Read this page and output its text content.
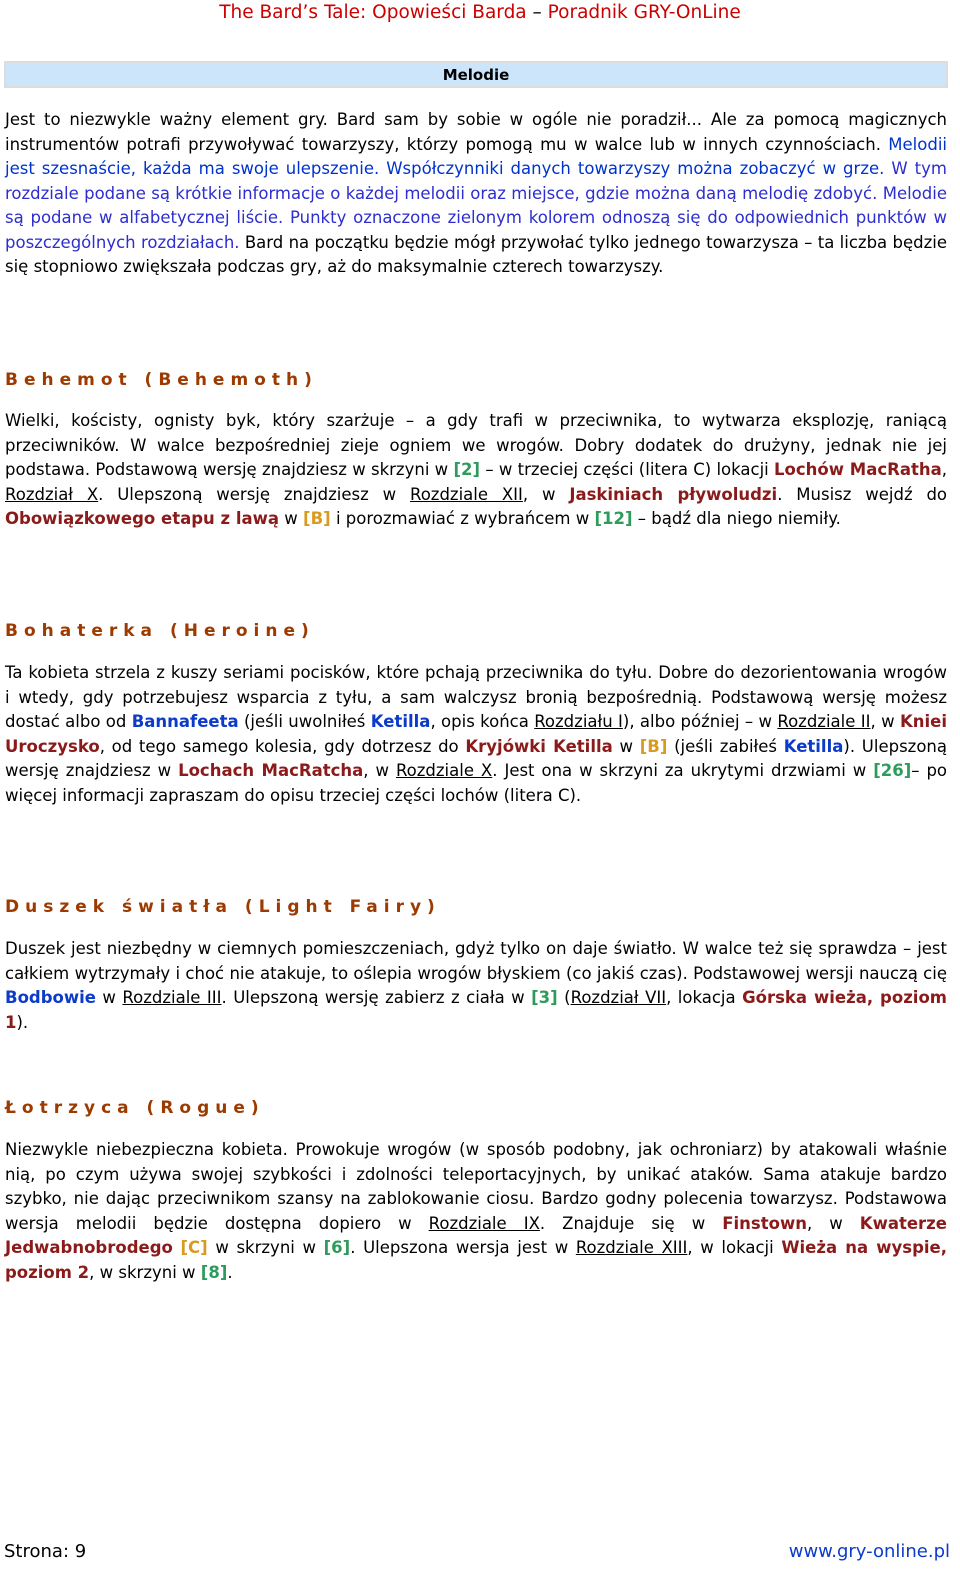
The Bard’s Tale: Opowieści Barda – Poradnik GRY-OnLine
Melodie

Jest to niezwykle ważny element gry. Bard sam by sobie w ogóle nie poradził... Ale za pomocą magicznych instrumentów potrafi przywoływać towarzyszy, którzy pomogą mu w walce lub w innych czynnościach. Melodii jest szesnaście, każda ma swoje ulepszenie. Współczynniki danych towarzyszy można zobaczyć w grze. W tym rozdziale podane są krótkie informacje o każdej melodii oraz miejsce, gdzie można daną melodię zdobyć. Melodie są podane w alfabetycznej liście. Punkty oznaczone zielonym kolorem odnoszą się do odpowiednich punktów w poszczególnych rozdziałach. Bard na początku będzie mógł przywołać tylko jednego towarzysza – ta liczba będzie się stopniowo zwiększała podczas gry, aż do maksymalnie czterech towarzyszy.

Behemot (Behemoth)

Wielki, kościsty, ognisty byk, który szarżuje – a gdy trafi w przeciwnika, to wytwarza eksplozję, raniącą przeciwników. W walce bezpośredniej zieje ogniem we wrogów. Dobry dodatek do drużyny, jednak nie jej podstawa. Podstawową wersję znajdziesz w skrzyni w [2] – w trzeciej części (litera C) lokacji Lochów MacRatha, Rozdział X. Ulepszoną wersję znajdziesz w Rozdziale XII, w Jaskiniach pływoludzi. Musisz wejdź do Obowiązkowego etapu z lawą w [B] i porozmawiać z wybrańcem w [12] – bądź dla niego niemiły.

Bohaterka (Heroine)

Ta kobieta strzela z kuszy seriami pocisków, które pchają przeciwnika do tyłu. Dobre do dezorientowania wrogów i wtedy, gdy potrzebujesz wsparcia z tyłu, a sam walczysz bronią bezpośrednią. Podstawową wersję możesz dostać albo od Bannafeeta (jeśli uwolniłeś Ketilla, opis końca Rozdziału I), albo później – w Rozdziale II, w Kniei Uroczysko, od tego samego kolesia, gdy dotrzesz do Kryjówki Ketilla w [B] (jeśli zabiłeś Ketilla). Ulepszoną wersję znajdziesz w Lochach MacRatcha, w Rozdziale X. Jest ona w skrzyni za ukrytymi drzwiami w [26]– po więcej informacji zapraszam do opisu trzeciej części lochów (litera C).

Duszek światła (Light Fairy)

Duszek jest niezbędny w ciemnych pomieszczeniach, gdyż tylko on daje światło. W walce też się sprawdza – jest całkiem wytrzymały i choć nie atakuje, to oślepia wrogów błyskiem (co jakiś czas). Podstawowej wersji nauczą cię Bodbowie w Rozdziale III. Ulepszoną wersję zabierz z ciała w [3] (Rozdział VII, lokacja Górska wieża, poziom 1).

Łotrzyca (Rogue)

Niezwykle niebezpieczna kobieta. Prowokuje wrogów (w sposób podobny, jak ochroniarz) by atakowali właśnie nią, po czym używa swojej szybkości i zdolności teleportacyjnych, by unikać ataków. Sama atakuje bardzo szybko, nie dając przeciwnikom szansy na zablokowanie ciosu. Bardzo godny polecenia towarzysz. Podstawowa wersja melodii będzie dostępna dopiero w Rozdziale IX. Znajduje się w Finstown, w Kwaterze Jedwabnobrodego [C] w skrzyni w [6]. Ulepszona wersja jest w Rozdziale XIII, w lokacji Wieża na wyspie, poziom 2, w skrzyni w [8].

Strona: 9	www.gry-online.pl
